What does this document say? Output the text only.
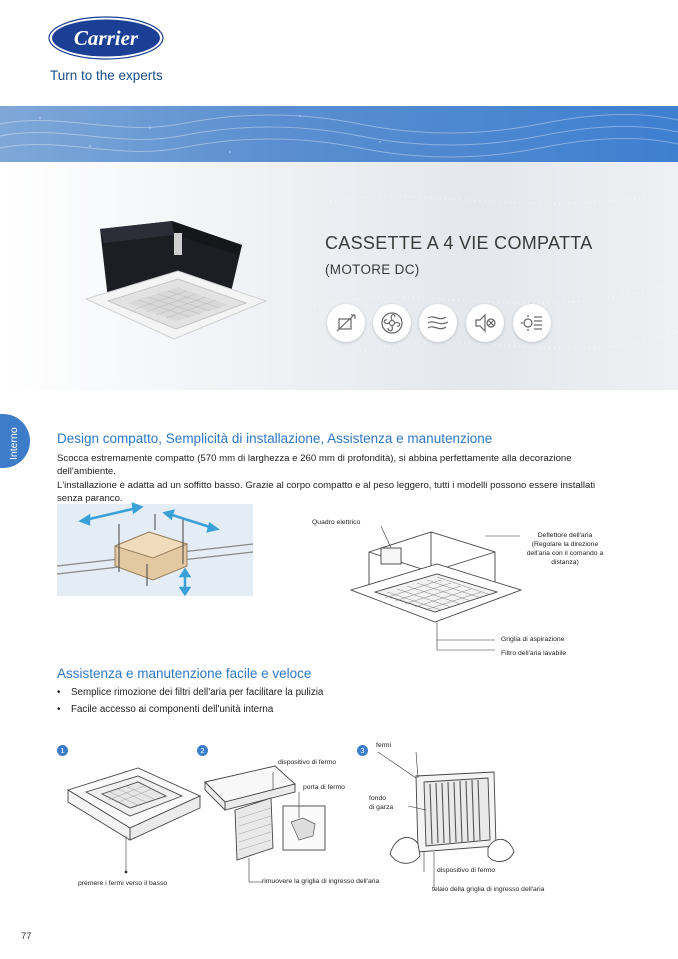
Carrier
Turn to the experts
CASSETTE A 4 VIE COMPATTA
(MOTORE DC)
Interno	Design compatto, Semplicità di installazione, Assistenza e manutenzione

Scocca estremamente compatto (570 mm di larghezza e 260 mm di profondità), si abbina perfettamente alla decorazione dell'ambiente.

L'installazione è adatta ad un soffitto basso. Grazie al corpo compatto e al peso leggero, tutti i modelli possono essere installati senza paranco.

Quadro elettrico
Deflettore dell'aria
(Regolare la direzione
dell'aria con il comando a
distanza)
Griglia di aspirazione
Filtro dell'aria lavabile
Assistenza e manutenzione facile e veloce
• Semplice rimozione dei filtri dell'aria per facilitare la pulizia
• Facile accesso ai componenti dell'unità interna
1	2	3
premere i fermi verso il basso
dispositivo di fermo
porta di fermo
rimuovere la griglia di ingresso dell'aria
fermi
fondo
di garza
dispositivo di fermo
telaio della griglia di ingresso dell'aria
77
